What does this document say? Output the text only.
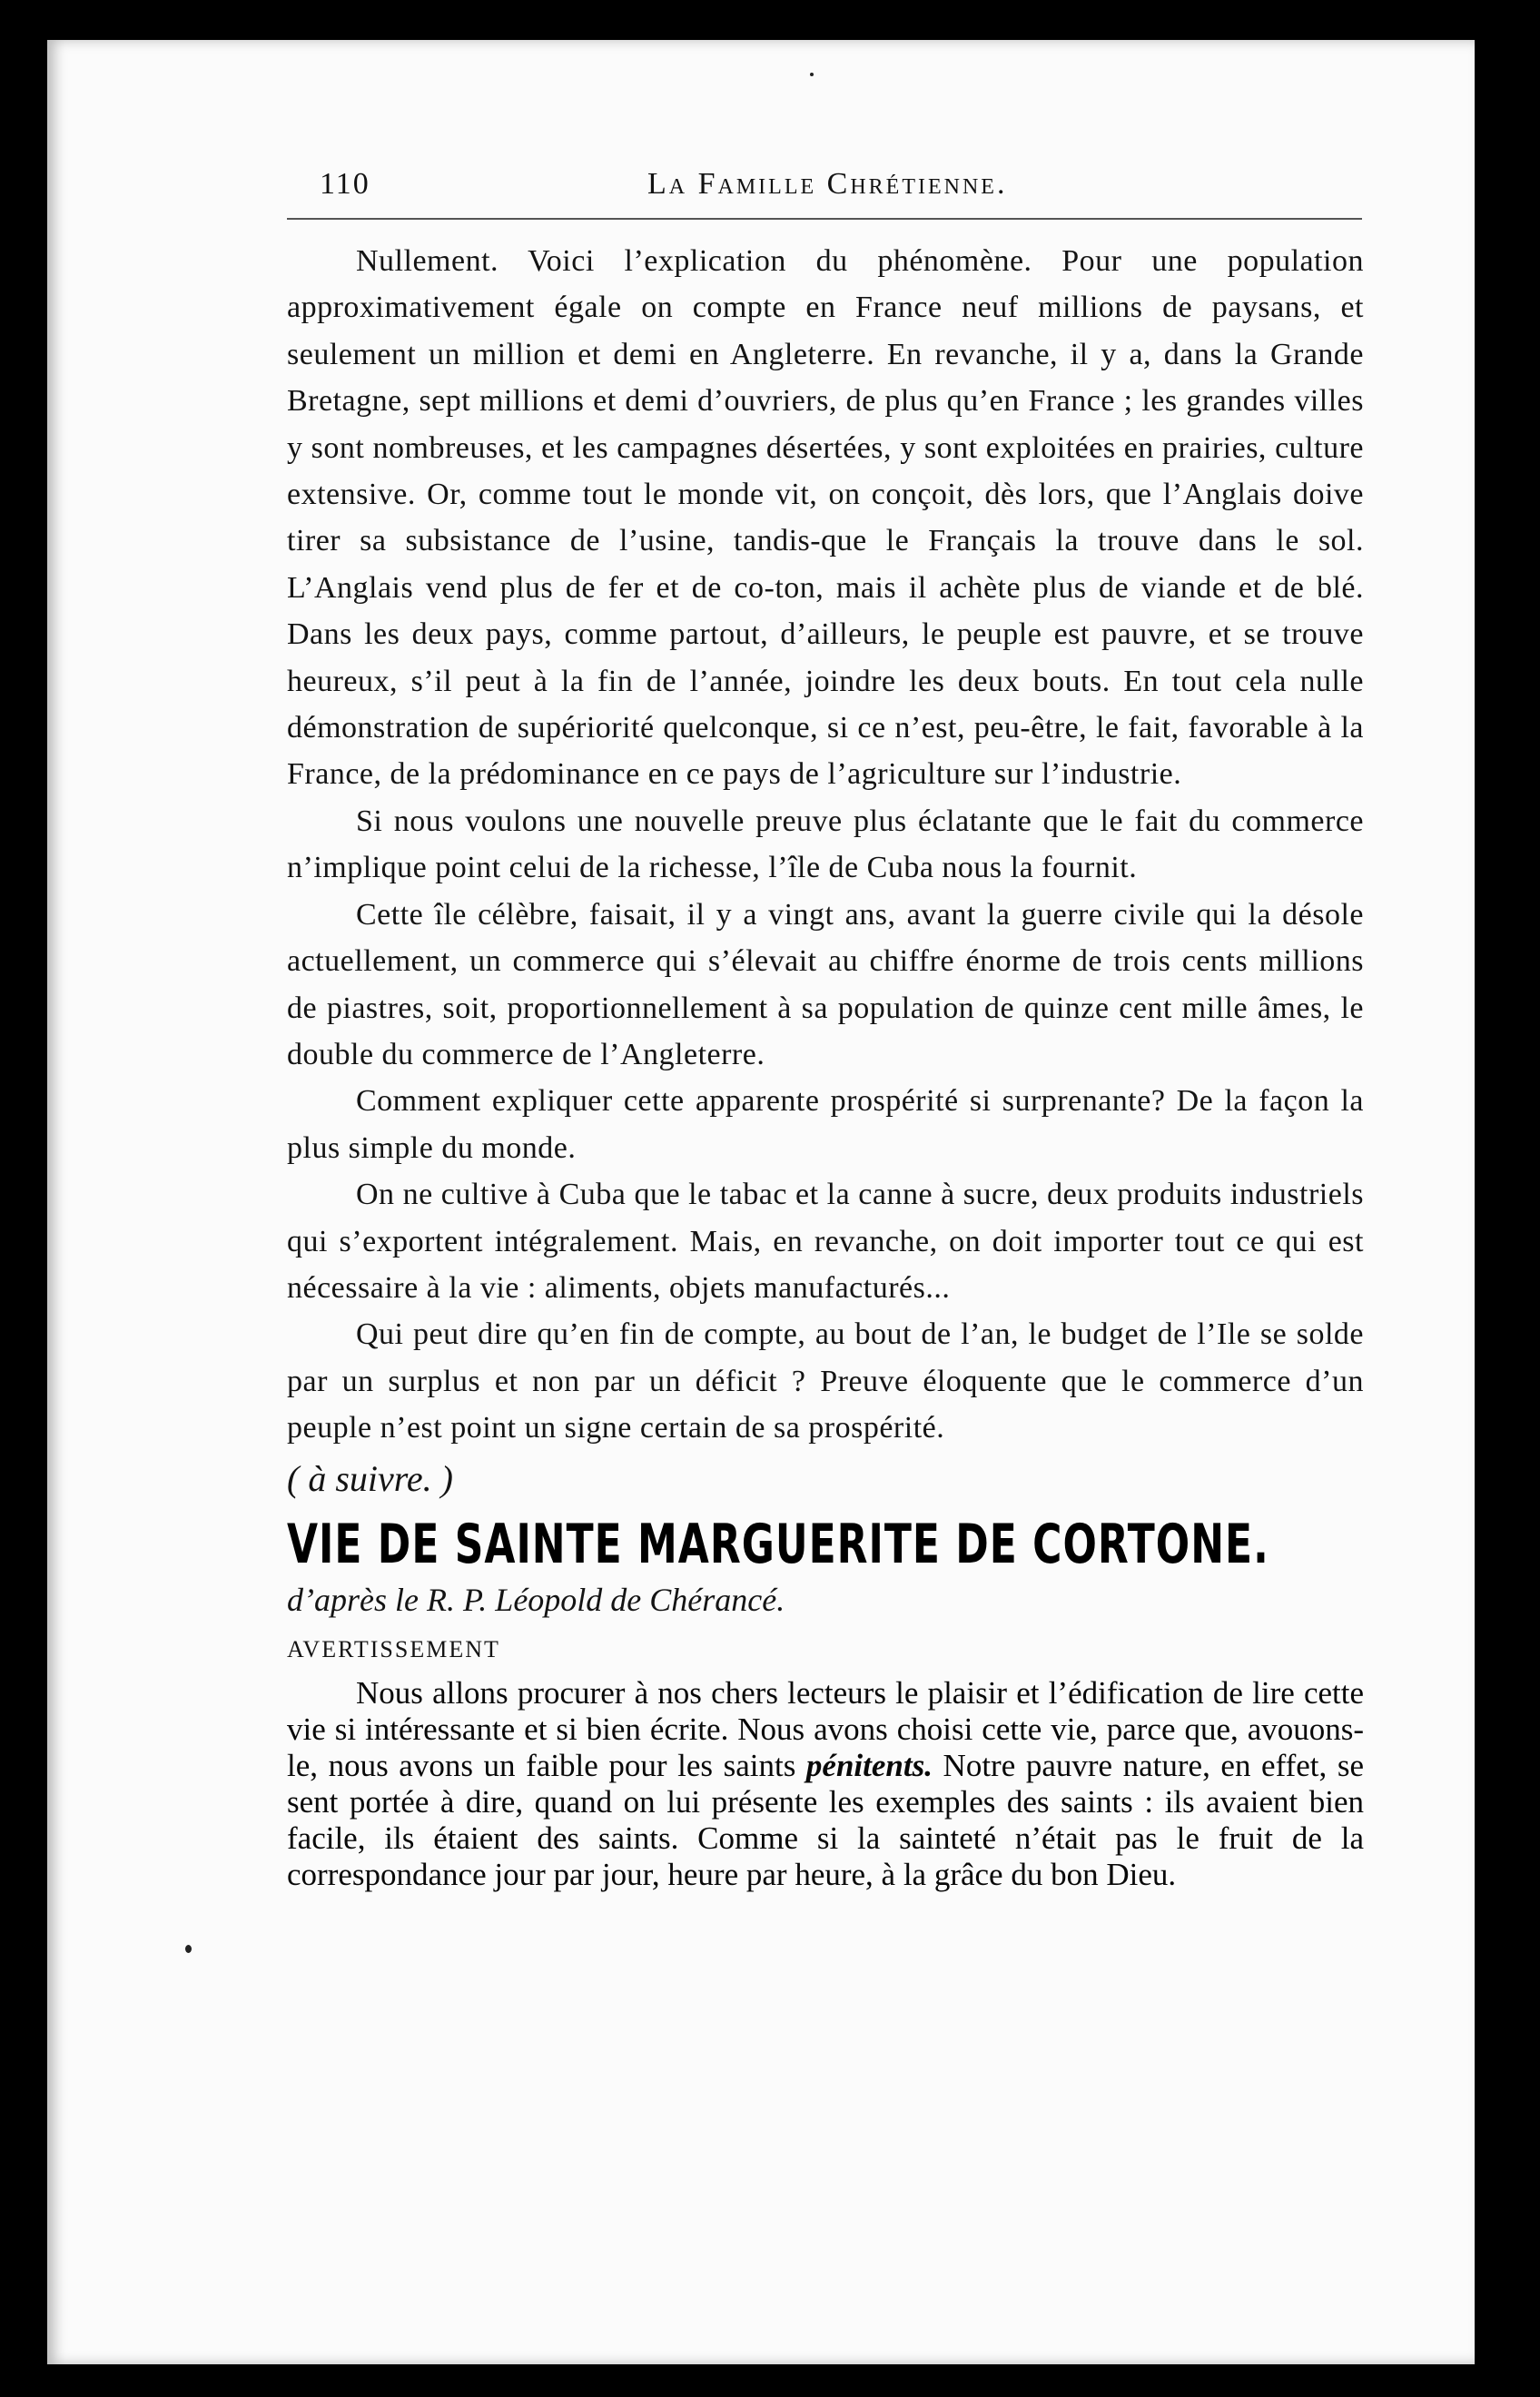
110	La Famille Chrétienne.

Nullement. Voici l’explication du phénomène. Pour une population approximativement égale on compte en France neuf millions de paysans, et seulement un million et demi en Angleterre. En revanche, il y a, dans la Grande Bretagne, sept millions et demi d’ouvriers, de plus qu’en France ; les grandes villes y sont nombreuses, et les campagnes désertées, y sont exploitées en prairies, culture extensive. Or, comme tout le monde vit, on conçoit, dès lors, que l’Anglais doive tirer sa subsistance de l’usine, tandis-que le Français la trouve dans le sol. L’Anglais vend plus de fer et de co-ton, mais il achète plus de viande et de blé. Dans les deux pays, comme partout, d’ailleurs, le peuple est pauvre, et se trouve heureux, s’il peut à la fin de l’année, joindre les deux bouts. En tout cela nulle démonstration de supériorité quelconque, si ce n’est, peu-être, le fait, favorable à la France, de la prédominance en ce pays de l’agriculture sur l’industrie.

Si nous voulons une nouvelle preuve plus éclatante que le fait du commerce n’implique point celui de la richesse, l’île de Cuba nous la fournit.

Cette île célèbre, faisait, il y a vingt ans, avant la guerre civile qui la désole actuellement, un commerce qui s’élevait au chiffre énorme de trois cents millions de piastres, soit, proportionnellement à sa population de quinze cent mille âmes, le double du commerce de l’Angleterre.

Comment expliquer cette apparente prospérité si surprenante? De la façon la plus simple du monde.

On ne cultive à Cuba que le tabac et la canne à sucre, deux produits industriels qui s’exportent intégralement. Mais, en revanche, on doit importer tout ce qui est nécessaire à la vie : aliments, objets manufacturés...

Qui peut dire qu’en fin de compte, au bout de l’an, le budget de l’Ile se solde par un surplus et non par un déficit ? Preuve éloquente que le commerce d’un peuple n’est point un signe certain de sa prospérité.

( à suivre. )

VIE DE SAINTE MARGUERITE DE CORTONE.

d’après le R. P. Léopold de Chérancé.

AVERTISSEMENT

Nous allons procurer à nos chers lecteurs le plaisir et l’édification de lire cette vie si intéressante et si bien écrite. Nous avons choisi cette vie, parce que, avouons-le, nous avons un faible pour les saints pénitents. Notre pauvre nature, en effet, se sent portée à dire, quand on lui présente les exemples des saints : ils avaient bien facile, ils étaient des saints. Comme si la sainteté n’était pas le fruit de la correspondance jour par jour, heure par heure, à la grâce du bon Dieu.
